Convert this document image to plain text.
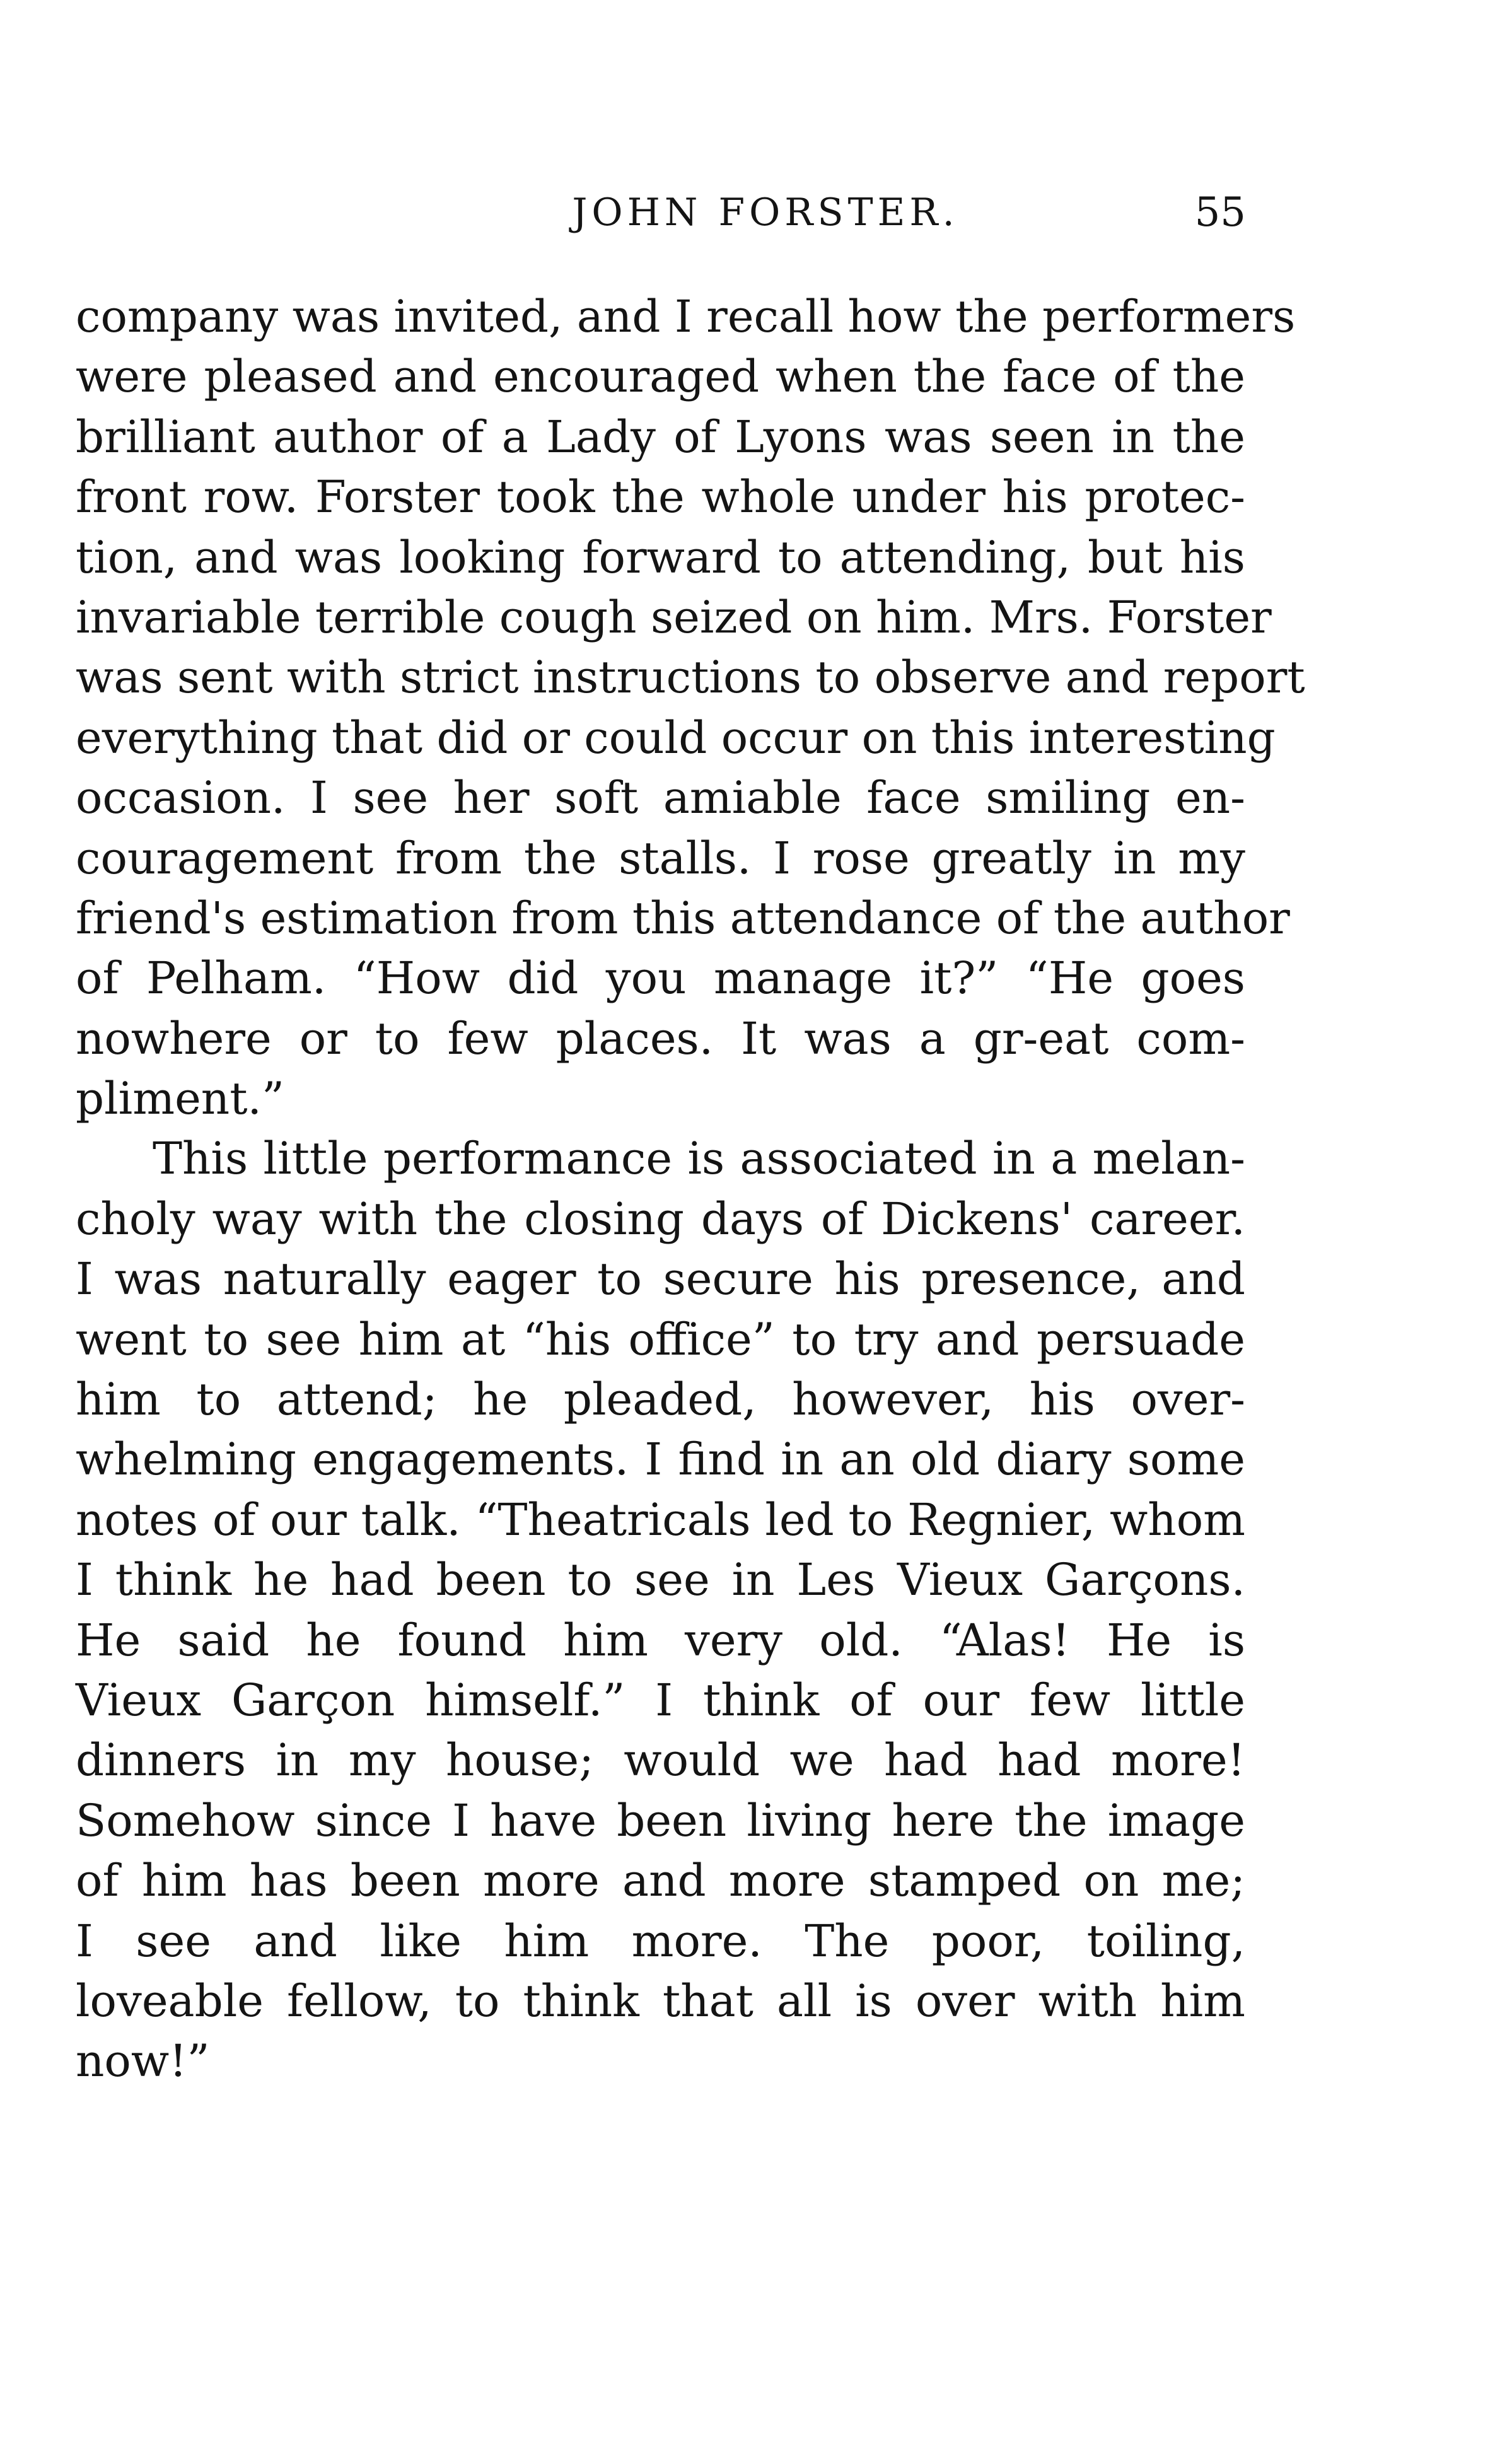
JOHN FORSTER.	55
company was invited, and I recall how the performers
were pleased and encouraged when the face of the
brilliant author of a Lady of Lyons was seen in the
front row. Forster took the whole under his protec-
tion, and was looking forward to attending, but his
invariable terrible cough seized on him. Mrs. Forster
was sent with strict instructions to observe and report
everything that did or could occur on this interesting
occasion. I see her soft amiable face smiling en-
couragement from the stalls. I rose greatly in my
friend's estimation from this attendance of the author
of Pelham. “How did you manage it?” “He goes
nowhere or to few places. It was a gr-eat com-
pliment.”
This little performance is associated in a melan-
choly way with the closing days of Dickens' career.
I was naturally eager to secure his presence, and
went to see him at “his office” to try and persuade
him to attend; he pleaded, however, his over-
whelming engagements. I find in an old diary some
notes of our talk. “Theatricals led to Regnier, whom
I think he had been to see in Les Vieux Garçons.
He said he found him very old. “Alas! He is
Vieux Garçon himself.” I think of our few little
dinners in my house; would we had had more!
Somehow since I have been living here the image
of him has been more and more stamped on me;
I see and like him more. The poor, toiling,
loveable fellow, to think that all is over with him
now!”
